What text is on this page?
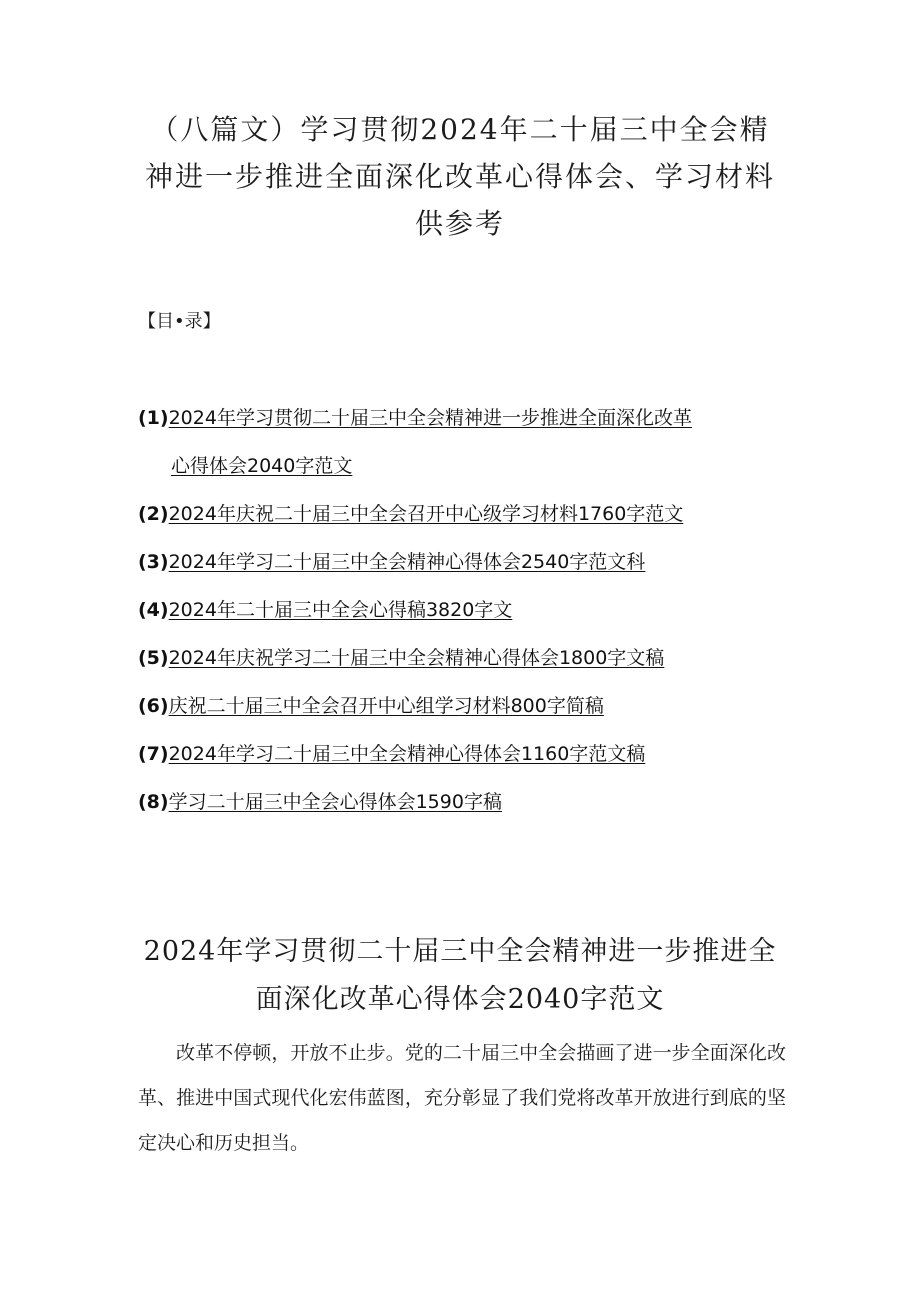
（八篇文）学习贯彻2024年二十届三中全会精
神进一步推进全面深化改革心得体会、学习材料
供参考
【目•录】
(1)2024年学习贯彻二十届三中全会精神进一步推进全面深化改革
心得体会2040字范文
(2)2024年庆祝二十届三中全会召开中心级学习材料1760字范文
(3)2024年学习二十届三中全会精神心得体会2540字范文科
(4)2024年二十届三中全会心得稿3820字文
(5)2024年庆祝学习二十届三中全会精神心得体会1800字文稿
(6)庆祝二十届三中全会召开中心组学习材料800字简稿
(7)2024年学习二十届三中全会精神心得体会1160字范文稿
(8)学习二十届三中全会心得体会1590字稿
2024年学习贯彻二十届三中全会精神进一步推进全
面深化改革心得体会2040字范文

改革不停顿，开放不止步。党的二十届三中全会描画了进一步全面深化改革、推进中国式现代化宏伟蓝图，充分彰显了我们党将改革开放进行到底的坚定决心和历史担当。
